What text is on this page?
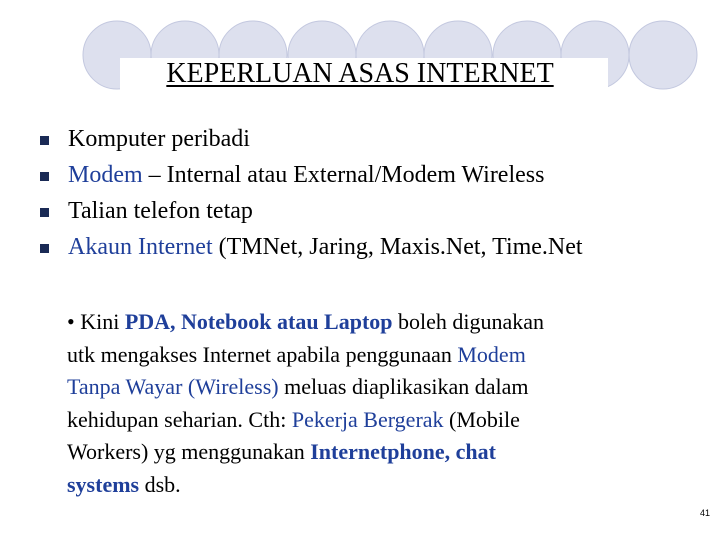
KEPERLUAN ASAS INTERNET
Komputer peribadi
Modem – Internal atau External/Modem Wireless
Talian telefon tetap
Akaun Internet (TMNet, Jaring, Maxis.Net, Time.Net
• Kini PDA, Notebook atau Laptop boleh digunakan
utk mengakses Internet apabila penggunaan Modem
Tanpa Wayar (Wireless) meluas diaplikasikan dalam
kehidupan seharian. Cth: Pekerja Bergerak (Mobile
Workers) yg menggunakan Internetphone, chat
systems dsb.
41
